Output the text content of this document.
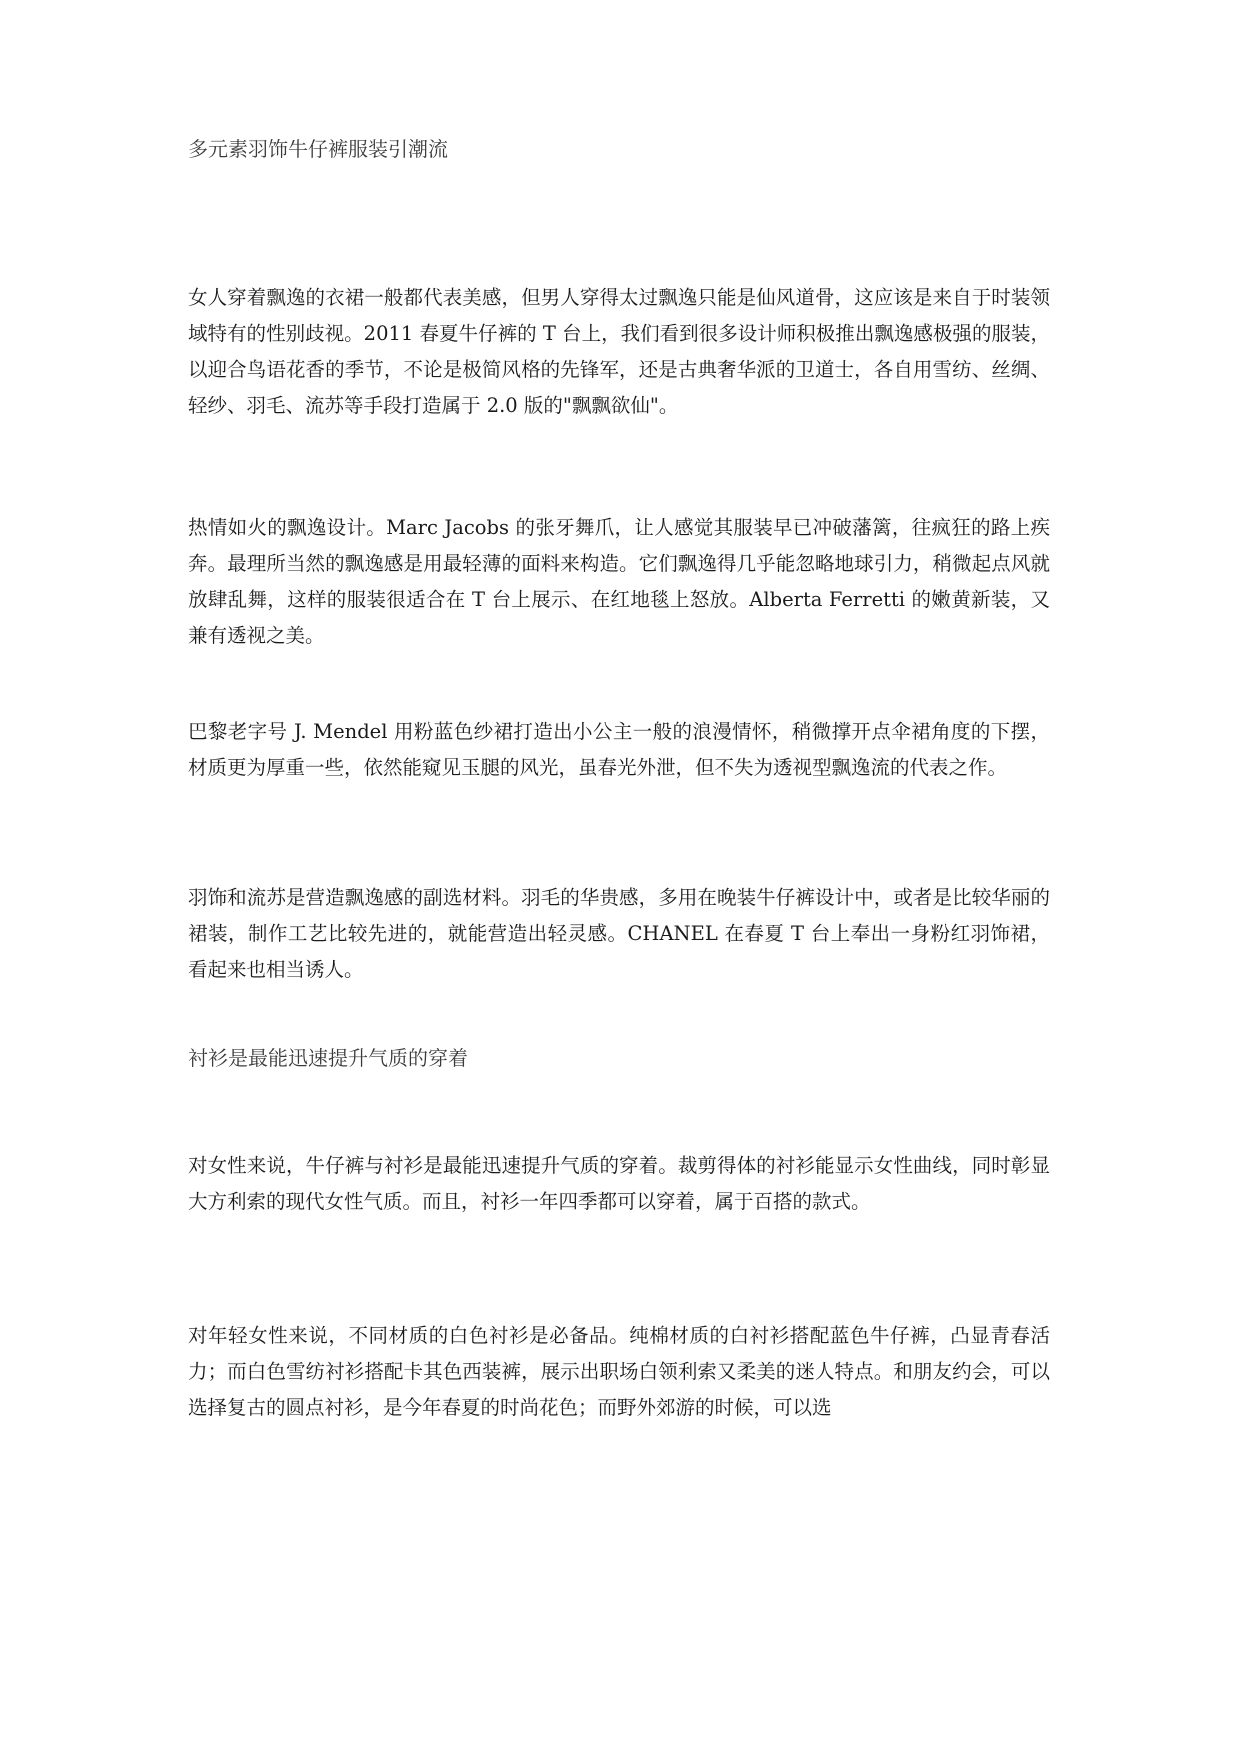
多元素羽饰牛仔裤服装引潮流

女人穿着飘逸的衣裙一般都代表美感，但男人穿得太过飘逸只能是仙风道骨，这应该是来自于时装领域特有的性别歧视。2011 春夏牛仔裤的 T 台上，我们看到很多设计师积极推出飘逸感极强的服装，以迎合鸟语花香的季节，不论是极简风格的先锋军，还是古典奢华派的卫道士，各自用雪纺、丝绸、轻纱、羽毛、流苏等手段打造属于 2.0 版的"飘飘欲仙"。

热情如火的飘逸设计。Marc Jacobs 的张牙舞爪，让人感觉其服装早已冲破藩篱，往疯狂的路上疾奔。最理所当然的飘逸感是用最轻薄的面料来构造。它们飘逸得几乎能忽略地球引力，稍微起点风就放肆乱舞，这样的服装很适合在 T 台上展示、在红地毯上怒放。Alberta Ferretti 的嫩黄新装，又兼有透视之美。

巴黎老字号 J. Mendel 用粉蓝色纱裙打造出小公主一般的浪漫情怀，稍微撑开点伞裙角度的下摆，材质更为厚重一些，依然能窥见玉腿的风光，虽春光外泄，但不失为透视型飘逸流的代表之作。

羽饰和流苏是营造飘逸感的副选材料。羽毛的华贵感，多用在晚装牛仔裤设计中，或者是比较华丽的裙装，制作工艺比较先进的，就能营造出轻灵感。CHANEL 在春夏 T 台上奉出一身粉红羽饰裙，看起来也相当诱人。

衬衫是最能迅速提升气质的穿着

对女性来说，牛仔裤与衬衫是最能迅速提升气质的穿着。裁剪得体的衬衫能显示女性曲线，同时彰显大方利索的现代女性气质。而且，衬衫一年四季都可以穿着，属于百搭的款式。

对年轻女性来说，不同材质的白色衬衫是必备品。纯棉材质的白衬衫搭配蓝色牛仔裤，凸显青春活力；而白色雪纺衬衫搭配卡其色西装裤，展示出职场白领利索又柔美的迷人特点。和朋友约会，可以选择复古的圆点衬衫，是今年春夏的时尚花色；而野外郊游的时候，可以选
